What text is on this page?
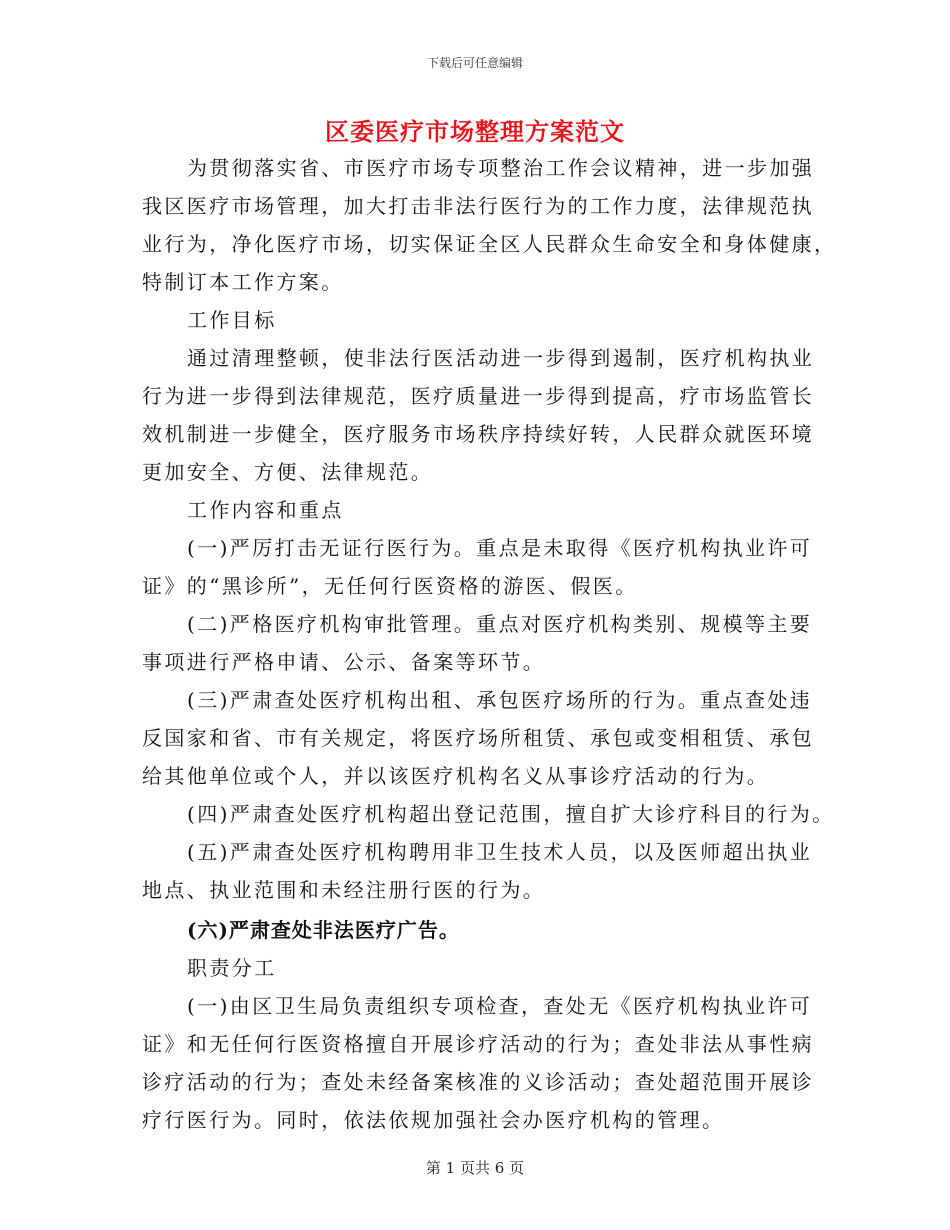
下载后可任意编辑
区委医疗市场整理方案范文
为贯彻落实省、市医疗市场专项整治工作会议精神，进一步加强
我区医疗市场管理，加大打击非法行医行为的工作力度，法律规范执
业行为，净化医疗市场，切实保证全区人民群众生命安全和身体健康，
特制订本工作方案。
工作目标
通过清理整顿，使非法行医活动进一步得到遏制，医疗机构执业
行为进一步得到法律规范，医疗质量进一步得到提高，疗市场监管长
效机制进一步健全，医疗服务市场秩序持续好转，人民群众就医环境
更加安全、方便、法律规范。
工作内容和重点
(一)严厉打击无证行医行为。重点是未取得《医疗机构执业许可
证》的“黑诊所”，无任何行医资格的游医、假医。
(二)严格医疗机构审批管理。重点对医疗机构类别、规模等主要
事项进行严格申请、公示、备案等环节。
(三)严肃查处医疗机构出租、承包医疗场所的行为。重点查处违
反国家和省、市有关规定，将医疗场所租赁、承包或变相租赁、承包
给其他单位或个人，并以该医疗机构名义从事诊疗活动的行为。
(四)严肃查处医疗机构超出登记范围，擅自扩大诊疗科目的行为。
(五)严肃查处医疗机构聘用非卫生技术人员，以及医师超出执业
地点、执业范围和未经注册行医的行为。
(六)严肃查处非法医疗广告。
职责分工
(一)由区卫生局负责组织专项检查，查处无《医疗机构执业许可
证》和无任何行医资格擅自开展诊疗活动的行为；查处非法从事性病
诊疗活动的行为；查处未经备案核准的义诊活动；查处超范围开展诊
疗行医行为。同时，依法依规加强社会办医疗机构的管理。
第 1 页共 6 页
